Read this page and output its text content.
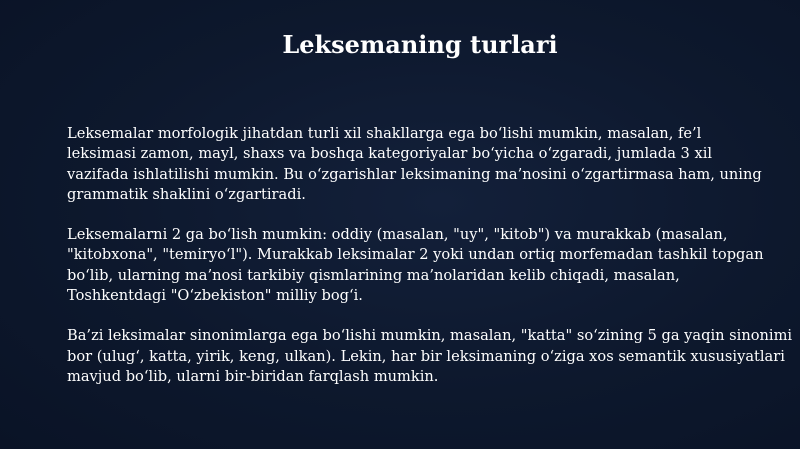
Leksemaning turlari

Leksemalar morfologik jihatdan turli xil shakllarga ega bo‘lishi mumkin, masalan, fe’l
leksimasi zamon, mayl, shaxs va boshqa kategoriyalar bo‘yicha o‘zgaradi, jumlada 3 xil
vazifada ishlatilishi mumkin. Bu o‘zgarishlar leksimaning ma’nosini o‘zgartirmasa ham, uning
grammatik shaklini o‘zgartiradi.

Leksemalarni 2 ga bo‘lish mumkin: oddiy (masalan, "uy", "kitob") va murakkab (masalan,
"kitobxona", "temiryo‘l"). Murakkab leksimalar 2 yoki undan ortiq morfemadan tashkil topgan
bo‘lib, ularning ma’nosi tarkibiy qismlarining ma’nolaridan kelib chiqadi, masalan,
Toshkentdagi "O‘zbekiston" milliy bog‘i.

Ba’zi leksimalar sinonimlarga ega bo‘lishi mumkin, masalan, "katta" so‘zining 5 ga yaqin sinonimi
bor (ulug‘, katta, yirik, keng, ulkan). Lekin, har bir leksimaning o‘ziga xos semantik xususiyatlari
mavjud bo‘lib, ularni bir-biridan farqlash mumkin.
